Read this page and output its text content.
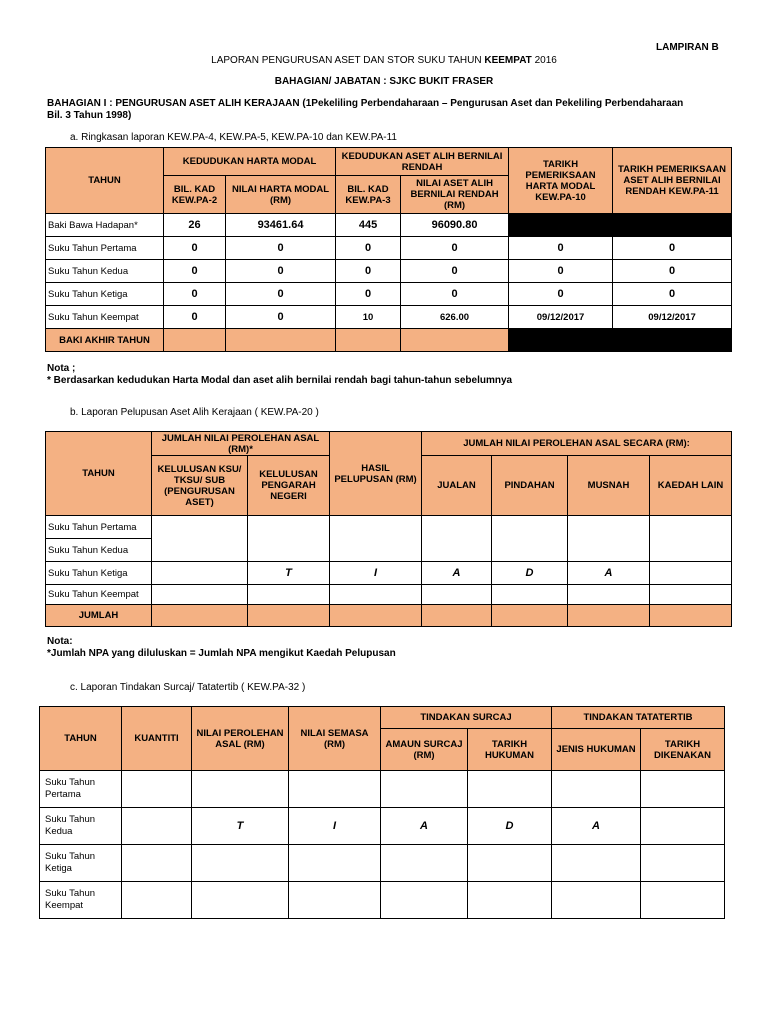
LAMPIRAN B
LAPORAN PENGURUSAN ASET DAN STOR SUKU TAHUN KEEMPAT 2016
BAHAGIAN/ JABATAN : SJKC BUKIT FRASER
BAHAGIAN I : PENGURUSAN ASET ALIH KERAJAAN (1Pekeliling Perbendaharaan – Pengurusan Aset dan Pekeliling Perbendaharaan
Bil. 3 Tahun 1998)
a. Ringkasan laporan KEW.PA-4, KEW.PA-5, KEW.PA-10 dan KEW.PA-11
TAHUN	KEDUDUKAN HARTA MODAL		KEDUDUKAN ASET ALIH BERNILAI RENDAH		TARIKH PEMERIKSAAN HARTA MODAL KEW.PA-10	TARIKH PEMERIKSAAN ASET ALIH BERNILAI RENDAH KEW.PA-11
	BIL. KAD KEW.PA-2	NILAI HARTA MODAL (RM)	BIL. KAD KEW.PA-3	NILAI ASET ALIH BERNILAI RENDAH (RM)		
Baki Bawa Hadapan*	26	93461.64	445	96090.80		
Suku Tahun Pertama	0	0	0	0	0	0
Suku Tahun Kedua	0	0	0	0	0	0
Suku Tahun Ketiga	0	0	0	0	0	0
Suku Tahun Keempat	0	0	10	626.00	09/12/2017	09/12/2017
BAKI AKHIR TAHUN						
Nota ;
* Berdasarkan kedudukan Harta Modal dan aset alih bernilai rendah bagi tahun-tahun sebelumnya
b. Laporan Pelupusan Aset Alih Kerajaan ( KEW.PA-20 )
TAHUN	JUMLAH NILAI PEROLEHAN ASAL (RM)*		HASIL PELUPUSAN (RM)	JUMLAH NILAI PEROLEHAN ASAL SECARA (RM):			
	KELULUSAN KSU/ TKSU/ SUB (PENGURUSAN ASET)	KELULUSAN PENGARAH NEGERI		JUALAN	PINDAHAN	MUSNAH	KAEDAH LAIN
Suku Tahun Pertama							
Suku Tahun Kedua							
Suku Tahun Ketiga		T	I	A	D	A	
Suku Tahun Keempat							
JUMLAH							
Nota:
*Jumlah NPA yang diluluskan = Jumlah NPA mengikut Kaedah Pelupusan
c. Laporan Tindakan Surcaj/ Tatatertib ( KEW.PA-32 )
TAHUN	KUANTITI	NILAI PEROLEHAN ASAL (RM)	NILAI SEMASA (RM)	TINDAKAN SURCAJ		TINDAKAN TATATERTIB	
				AMAUN SURCAJ (RM)	TARIKH HUKUMAN	JENIS HUKUMAN	TARIKH DIKENAKAN
Suku Tahun Pertama							
Suku Tahun Kedua		T	I	A	D	A	
Suku Tahun Ketiga							
Suku Tahun Keempat							
